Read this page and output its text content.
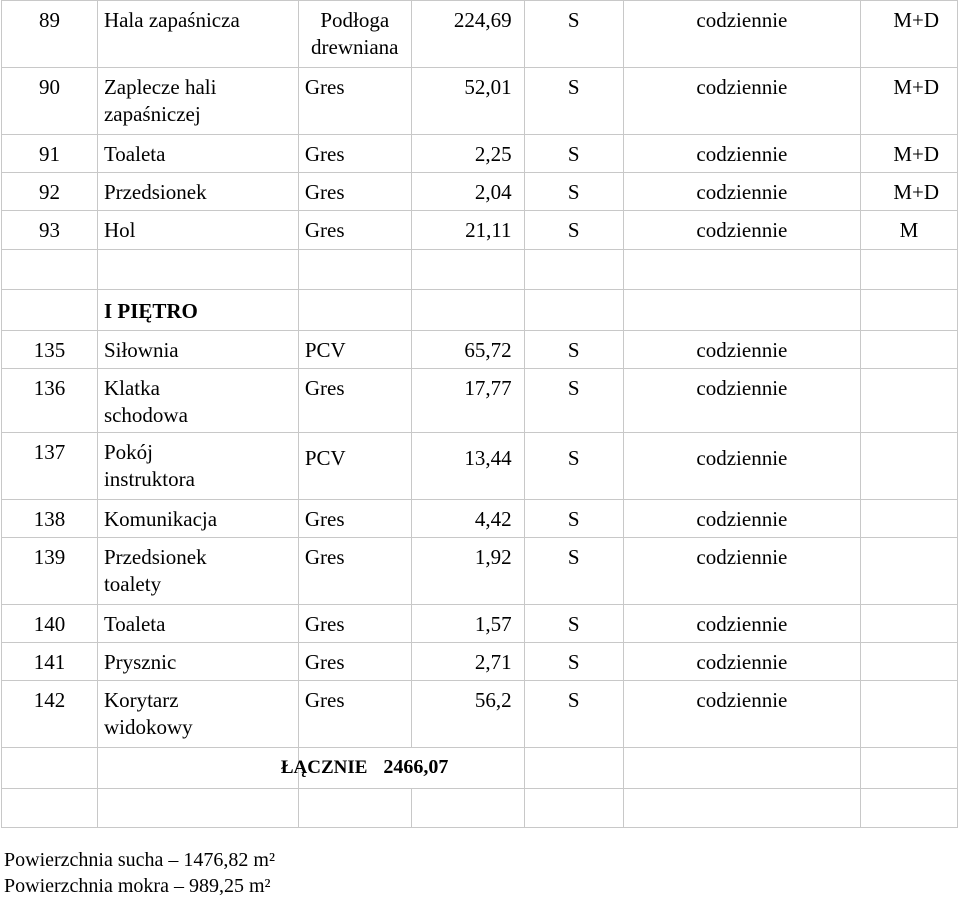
89	Hala zapaśnicza	Podłoga drewniana	224,69	S	codziennie	M+D
90	Zaplecze hali zapaśniczej	Gres	52,01	S	codziennie	M+D
91	Toaleta	Gres	2,25	S	codziennie	M+D
92	Przedsionek	Gres	2,04	S	codziennie	M+D
93	Hol	Gres	21,11	S	codziennie	M

	I PIĘTRO					
135	Siłownia	PCV	65,72	S	codziennie	
136	Klatka schodowa	Gres	17,77	S	codziennie	
137	Pokój instruktora	PCV	13,44	S	codziennie	
138	Komunikacja	Gres	4,42	S	codziennie	
139	Przedsionek toalety	Gres	1,92	S	codziennie	
140	Toaleta	Gres	1,57	S	codziennie	
141	Prysznic	Gres	2,71	S	codziennie	
142	Korytarz widokowy	Gres	56,2	S	codziennie	

		ŁĄCZNIE 2466,07				

Powierzchnia sucha – 1476,82 m²
Powierzchnia mokra – 989,25 m²
